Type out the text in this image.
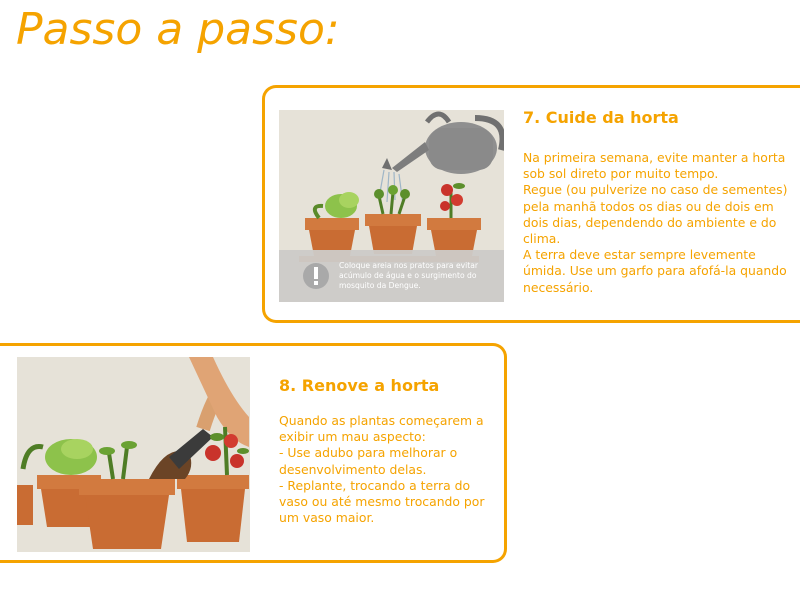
Passo a passo:
Coloque areia nos pratos para evitar
acúmulo de água e o surgimento do
mosquito da Dengue.
7. Cuide da horta

Na primeira semana, evite manter a horta sob sol direto por muito tempo.

Regue (ou pulverize no caso de sementes) pela manhã todos os dias ou de dois em dois dias, dependendo do ambiente e do clima.

A terra deve estar sempre levemente úmida. Use um garfo para afofá-la quando necessário.

8. Renove a horta

Quando as plantas começarem a exibir um mau aspecto:

- Use adubo para melhorar o desenvolvimento delas.

- Replante, trocando a terra do vaso ou até mesmo trocando por um vaso maior.
